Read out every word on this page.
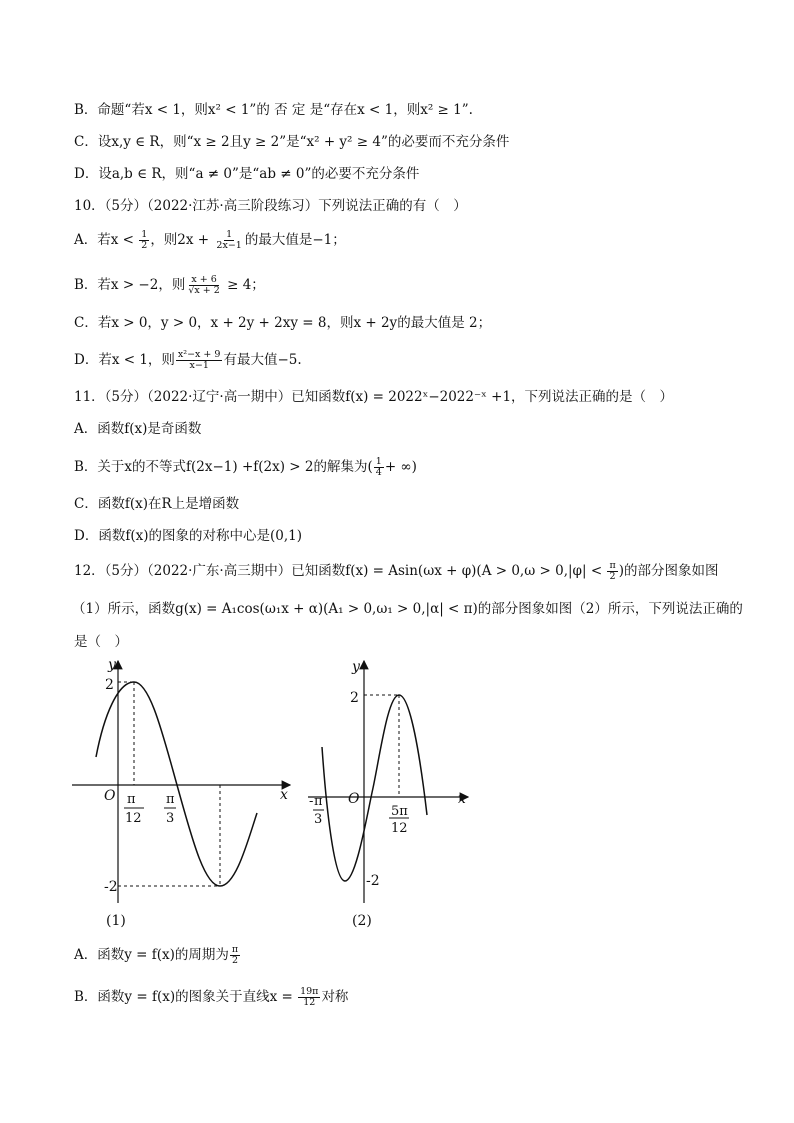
B．命题“若x < 1，则x² < 1”的 否 定 是“存在x < 1，则x² ≥ 1”.
C．设x,y ∈ R，则“x ≥ 2且y ≥ 2”是“x² + y² ≥ 4”的必要而不充分条件
D．设a,b ∈ R，则“a ≠ 0”是“ab ≠ 0”的必要不充分条件
10．（5分）（2022·江苏·高三阶段练习）下列说法正确的有（　）
A．若$x < \frac{1}{2}$ ，则$2x + \frac{1}{2x-1}$ 的最大值是−1；
B．若x > −2，则 $\frac{x + 6}{√x + 2} \ge 4$；
C．若x > 0，y > 0，x + 2y + 2xy = 8，则x + 2y的最大值是 2；
D．若x < 1，则 $\frac{\text{x²−x + 9}}{x-1}$ 有最大值−5.
11．（5分）（2022·辽宁·高一期中）已知函数f(x) = 2022ˣ−2022⁻ˣ +1，下列说法正确的是（　）
A．函数f(x)是奇函数
B．关于x的不等式f(2x−1) +f(2x) > 2的解集为( $\frac{1}{4}$ + ∞)
C．函数f(x)在R上是增函数
D．函数f(x)的图象的对称中心是(0,1)
12．（5分）（2022·广东·高三期中）已知函数$f(x) = Asin(\omega x + \varphi)(A > 0,\omega > 0,|\varphi| < \frac{\pi}{2}$ )的部分图象如图
（1）所示，函数g(x) = A₁cos(ω₁x + α)(A₁ > 0,ω₁ > 0,|α| < π)的部分图象如图（2）所示，下列说法正确的
是（　）
y
x
O
2
-2
π
12
π
3
(1)
y
x
O
2
-2
- π
3
5π
12
(2)
A．函数y = f(x)的周期为 $\frac{\pi}{2}$
B．函数y = f(x)的图象关于直线$x = \frac{19\pi}{12}$ 对称
